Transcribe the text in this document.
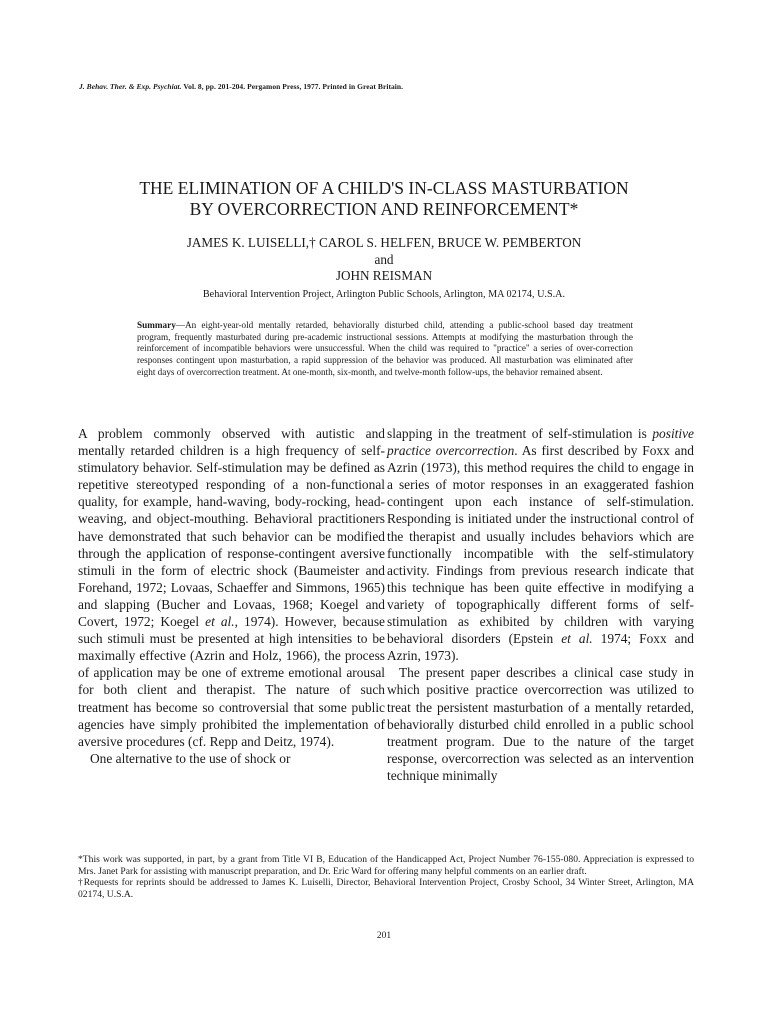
J. Behav. Ther. & Exp. Psychiat. Vol. 8, pp. 201-204. Pergamon Press, 1977. Printed in Great Britain.
THE ELIMINATION OF A CHILD'S IN-CLASS MASTURBATION
BY OVERCORRECTION AND REINFORCEMENT*
JAMES K. LUISELLI,† CAROL S. HELFEN, BRUCE W. PEMBERTON
and
JOHN REISMAN
Behavioral Intervention Project, Arlington Public Schools, Arlington, MA 02174, U.S.A.
Summary—An eight-year-old mentally retarded, behaviorally disturbed child, attending a public-school based day treatment program, frequently masturbated during pre-academic instructional sessions. Attempts at modifying the masturbation through the reinforcement of incompatible behaviors were unsuccessful. When the child was required to "practice" a series of over-correction responses contingent upon masturbation, a rapid suppression of the behavior was produced. All masturbation was eliminated after eight days of overcorrection treatment. At one-month, six-month, and twelve-month follow-ups, the behavior remained absent.

A problem commonly observed with autistic and mentally retarded children is a high frequency of self-stimulatory behavior. Self-stimulation may be defined as repetitive stereotyped responding of a non-functional quality, for example, hand-waving, body-rocking, head-weaving, and object-mouthing. Behavioral practitioners have demonstrated that such behavior can be modified through the application of response-contingent aversive stimuli in the form of electric shock (Baumeister and Forehand, 1972; Lovaas, Schaeffer and Simmons, 1965) and slapping (Bucher and Lovaas, 1968; Koegel and Covert, 1972; Koegel et al., 1974). However, because such stimuli must be presented at high intensities to be maximally effective (Azrin and Holz, 1966), the process of application may be one of extreme emotional arousal for both client and therapist. The nature of such treatment has become so controversial that some public agencies have simply prohibited the implementation of aversive procedures (cf. Repp and Deitz, 1974).

One alternative to the use of shock or

slapping in the treatment of self-stimulation is positive practice overcorrection. As first described by Foxx and Azrin (1973), this method requires the child to engage in a series of motor responses in an exaggerated fashion contingent upon each instance of self-stimulation. Responding is initiated under the instructional control of the therapist and usually includes behaviors which are functionally incompatible with the self-stimulatory activity. Findings from previous research indicate that this technique has been quite effective in modifying a variety of topographically different forms of self-stimulation as exhibited by children with varying behavioral disorders (Epstein et al. 1974; Foxx and Azrin, 1973).

The present paper describes a clinical case study in which positive practice overcorrection was utilized to treat the persistent masturbation of a mentally retarded, behaviorally disturbed child enrolled in a public school treatment program. Due to the nature of the target response, overcorrection was selected as an intervention technique minimally

*This work was supported, in part, by a grant from Title VI B, Education of the Handicapped Act, Project Number 76-155-080. Appreciation is expressed to Mrs. Janet Park for assisting with manuscript preparation, and Dr. Eric Ward for offering many helpful comments on an earlier draft.

†Requests for reprints should be addressed to James K. Luiselli, Director, Behavioral Intervention Project, Crosby School, 34 Winter Street, Arlington, MA 02174, U.S.A.

201
